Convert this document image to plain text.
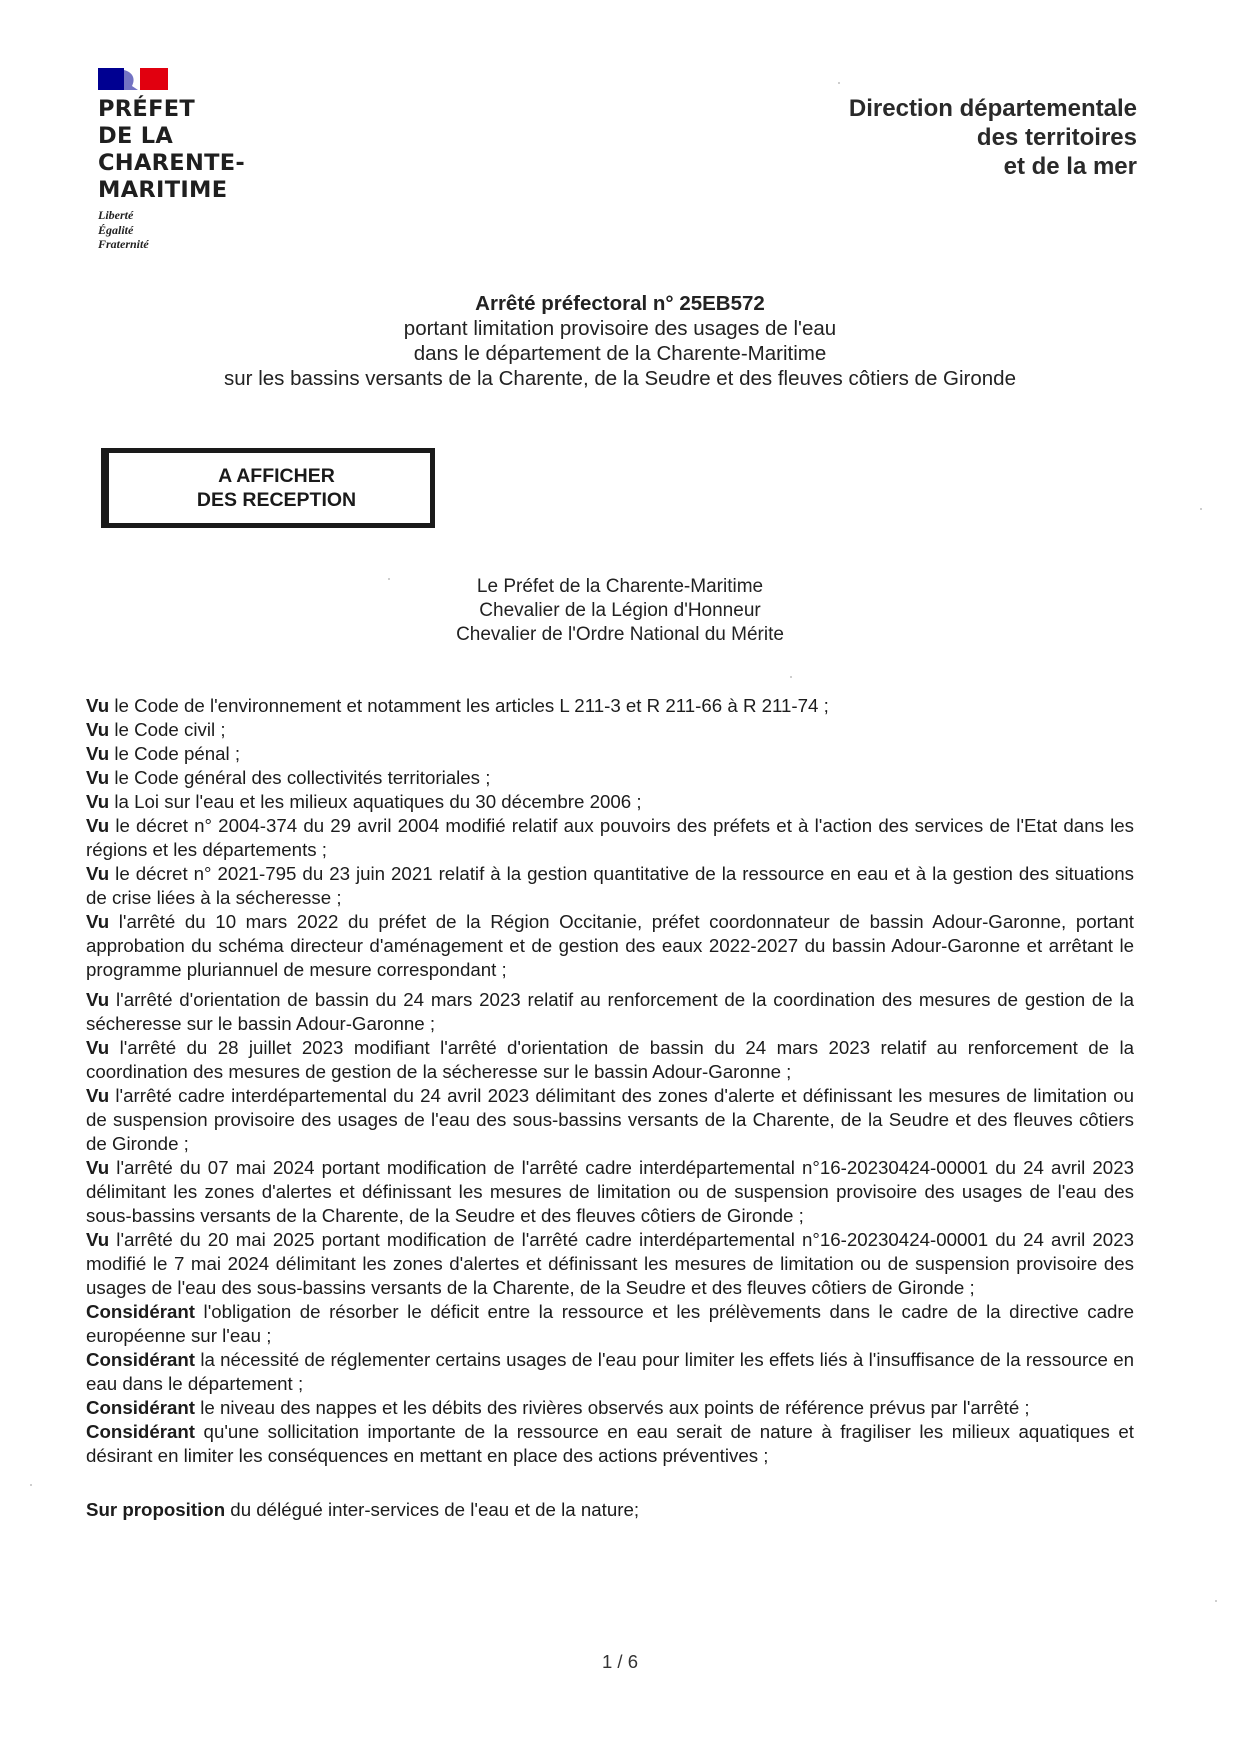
PRÉFET
DE LA
CHARENTE-
MARITIME
Liberté
Égalité
Fraternité
Direction départementale
des territoires
et de la mer
Arrêté préfectoral n° 25EB572
portant limitation provisoire des usages de l'eau
dans le département de la Charente-Maritime
sur les bassins versants de la Charente, de la Seudre et des fleuves côtiers de Gironde
A AFFICHER
DES RECEPTION
Le Préfet de la Charente-Maritime
Chevalier de la Légion d'Honneur
Chevalier de l'Ordre National du Mérite

Vu le Code de l'environnement et notamment les articles L 211-3 et R 211-66 à R 211-74 ;

Vu le Code civil ;

Vu le Code pénal ;

Vu le Code général des collectivités territoriales ;

Vu la Loi sur l'eau et les milieux aquatiques du 30 décembre 2006 ;

Vu le décret n° 2004-374 du 29 avril 2004 modifié relatif aux pouvoirs des préfets et à l'action des services de l'Etat dans les régions et les départements ;

Vu le décret n° 2021-795 du 23 juin 2021 relatif à la gestion quantitative de la ressource en eau et à la gestion des situations de crise liées à la sécheresse ;

Vu l'arrêté du 10 mars 2022 du préfet de la Région Occitanie, préfet coordonnateur de bassin Adour-Garonne, portant approbation du schéma directeur d'aménagement et de gestion des eaux 2022-2027 du bassin Adour-Garonne et arrêtant le programme pluriannuel de mesure correspondant ;

Vu l'arrêté d'orientation de bassin du 24 mars 2023 relatif au renforcement de la coordination des mesures de gestion de la sécheresse sur le bassin Adour-Garonne ;

Vu l'arrêté du 28 juillet 2023 modifiant l'arrêté d'orientation de bassin du 24 mars 2023 relatif au renforcement de la coordination des mesures de gestion de la sécheresse sur le bassin Adour-Garonne ;

Vu l'arrêté cadre interdépartemental du 24 avril 2023 délimitant des zones d'alerte et définissant les mesures de limitation ou de suspension provisoire des usages de l'eau des sous-bassins versants de la Charente, de la Seudre et des fleuves côtiers de Gironde ;

Vu l'arrêté du 07 mai 2024 portant modification de l'arrêté cadre interdépartemental n°16-20230424-00001 du 24 avril 2023 délimitant les zones d'alertes et définissant les mesures de limitation ou de suspension provisoire des usages de l'eau des sous-bassins versants de la Charente, de la Seudre et des fleuves côtiers de Gironde ;

Vu l'arrêté du 20 mai 2025 portant modification de l'arrêté cadre interdépartemental n°16-20230424-00001 du 24 avril 2023 modifié le 7 mai 2024 délimitant les zones d'alertes et définissant les mesures de limitation ou de suspension provisoire des usages de l'eau des sous-bassins versants de la Charente, de la Seudre et des fleuves côtiers de Gironde ;

Considérant l'obligation de résorber le déficit entre la ressource et les prélèvements dans le cadre de la directive cadre européenne sur l'eau ;

Considérant la nécessité de réglementer certains usages de l'eau pour limiter les effets liés à l'insuffisance de la ressource en eau dans le département ;

Considérant le niveau des nappes et les débits des rivières observés aux points de référence prévus par l'arrêté ;

Considérant qu'une sollicitation importante de la ressource en eau serait de nature à fragiliser les milieux aquatiques et désirant en limiter les conséquences en mettant en place des actions préventives ;

Sur proposition du délégué inter-services de l'eau et de la nature;

1 / 6
